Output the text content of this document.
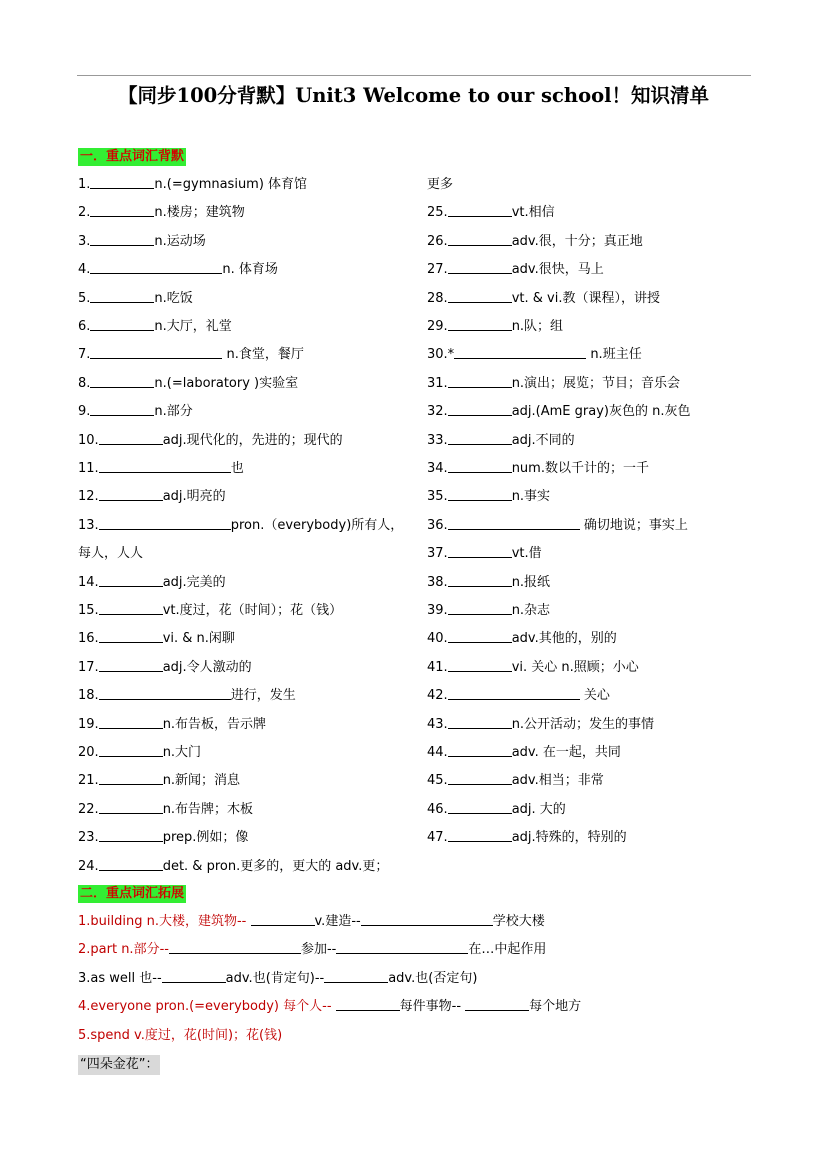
【同步100分背默】Unit3 Welcome to our school！知识清单
一．重点词汇背默
1.	n.(=gymnasium) 体育馆
2.	n.楼房；建筑物
3.	n.运动场
4.	n. 体育场
5.	n.吃饭
6.	n.大厅，礼堂
7.	n.食堂，餐厅
8.	n.(=laboratory )实验室
9.	n.部分
10.	adj.现代化的，先进的；现代的
11.	也
12.	adj.明亮的
13.	pron.（everybody)所有人，
每人，人人
14.	adj.完美的
15.	vt.度过，花（时间）；花（钱）
16.	vi. & n.闲聊
17.	adj.令人激动的
18.	进行，发生
19.	n.布告板，告示牌
20.	n.大门
21.	n.新闻；消息
22.	n.布告牌；木板
23.	prep.例如；像
24.	det. & pron.更多的，更大的 adv.更；
更多
25.	vt.相信
26.	adv.很，十分；真正地
27.	adv.很快，马上
28.	vt. & vi.教（课程），讲授
29.	n.队；组
30.*	n.班主任
31.	n.演出；展览；节目；音乐会
32.	adj.(AmE gray)灰色的 n.灰色
33.	adj.不同的
34.	num.数以千计的；一千
35.	n.事实
36.	确切地说；事实上
37.	vt.借
38.	n.报纸
39.	n.杂志
40.	adv.其他的，别的
41.	vi. 关心 n.照顾；小心
42.	关心
43.	n.公开活动；发生的事情
44.	adv. 在一起，共同
45.	adv.相当；非常
46.	adj. 大的
47.	adj.特殊的，特别的
二．重点词汇拓展
1.building n.大楼，建筑物--	v.建造--	学校大楼
2.part n.部分--	参加--	在…中起作用
3.as well 也--	adv.也(肯定句)--	adv.也(否定句)
4.everyone pron.(=everybody) 每个人--	每件事物--	每个地方
5.spend v.度过，花(时间)；花(钱)
“四朵金花”：
